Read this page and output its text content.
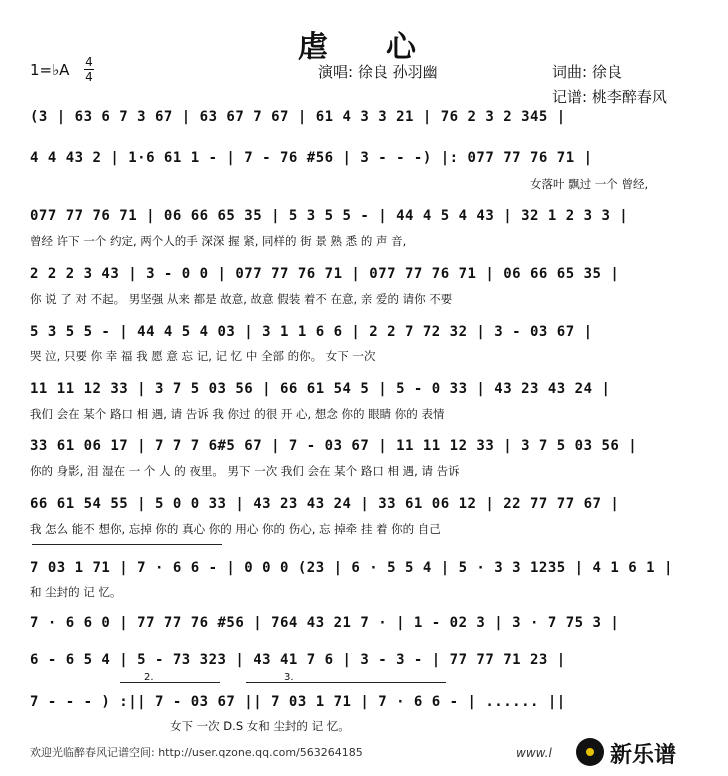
虐　心
1=♭A 4
4	演唱: 徐良 孙羽幽	词曲: 徐良
记谱: 桃李醉春风
(3 | 63 6 7 3 67 | 63 67 7 67 | 61 4 3 3 21 | 76 2 3 2 345 |
4 4 43 2 | 1·6 61 1 - | 7 - 76 #56 | 3 - - -) |: 077 77 76 71 |
女落叶 飘过 一个 曾经,
077 77 76 71 | 06 66 65 35 | 5 3 5 5 - | 44 4 5 4 43 | 32 1 2 3 3 |
曾经 许下 一个 约定, 两个人的手 深深 握 紧, 同样的 街 景 熟 悉 的 声 音,
2 2 2 3 43 | 3 - 0 0 | 077 77 76 71 | 077 77 76 71 | 06 66 65 35 |
你 说 了 对 不起。 男坚强 从来 都是 故意, 故意 假装 着不 在意, 亲 爱的 请你 不要
5 3 5 5 - | 44 4 5 4 03 | 3 1 1 6 6 | 2 2 7 72 32 | 3 - 03 67 |
哭 泣, 只要 你 幸 福 我 愿 意 忘 记, 记 忆 中 全部 的你。 女下 一次
11 11 12 33 | 3 7 5 03 56 | 66 61 54 5 | 5 - 0 33 | 43 23 43 24 |
我们 会在 某个 路口 相 遇, 请 告诉 我 你过 的很 开 心, 想念 你的 眼睛 你的 表情
33 61 06 17 | 7 7 7 6#5 67 | 7 - 03 67 | 11 11 12 33 | 3 7 5 03 56 |
你的 身影, 泪 湿在 一 个 人 的 夜里。 男下 一次 我们 会在 某个 路口 相 遇, 请 告诉
66 61 54 55 | 5 0 0 33 | 43 23 43 24 | 33 61 06 12 | 22 77 77 67 |
我 怎么 能不 想你, 忘掉 你的 真心 你的 用心 你的 伤心, 忘 掉牵 挂 着 你的 自己
7 03 1 71 | 7 · 6 6 - | 0 0 0 (23 | 6 · 5 5 4 | 5 · 3 3 1235 | 4 1 6 1 |
和 尘封的 记 忆。
7 · 6 6 0 | 77 77 76 #56 | 764 43 21 7 · | 1 - 02 3 | 3 · 7 75 3 |
6 - 6 5 4 | 5 - 73 323 | 43 41 7 6 | 3 - 3 - | 77 77 71 23 |
2.	3.
7 - - - ) :|| 7 - 03 67 || 7 03 1 71 | 7 · 6 6 - | ...... ||
女下 一次 D.S 女和 尘封的 记 忆。
欢迎光临醉春风记谱空间: http://user.qzone.qq.com/563264185	www.l	新乐谱
